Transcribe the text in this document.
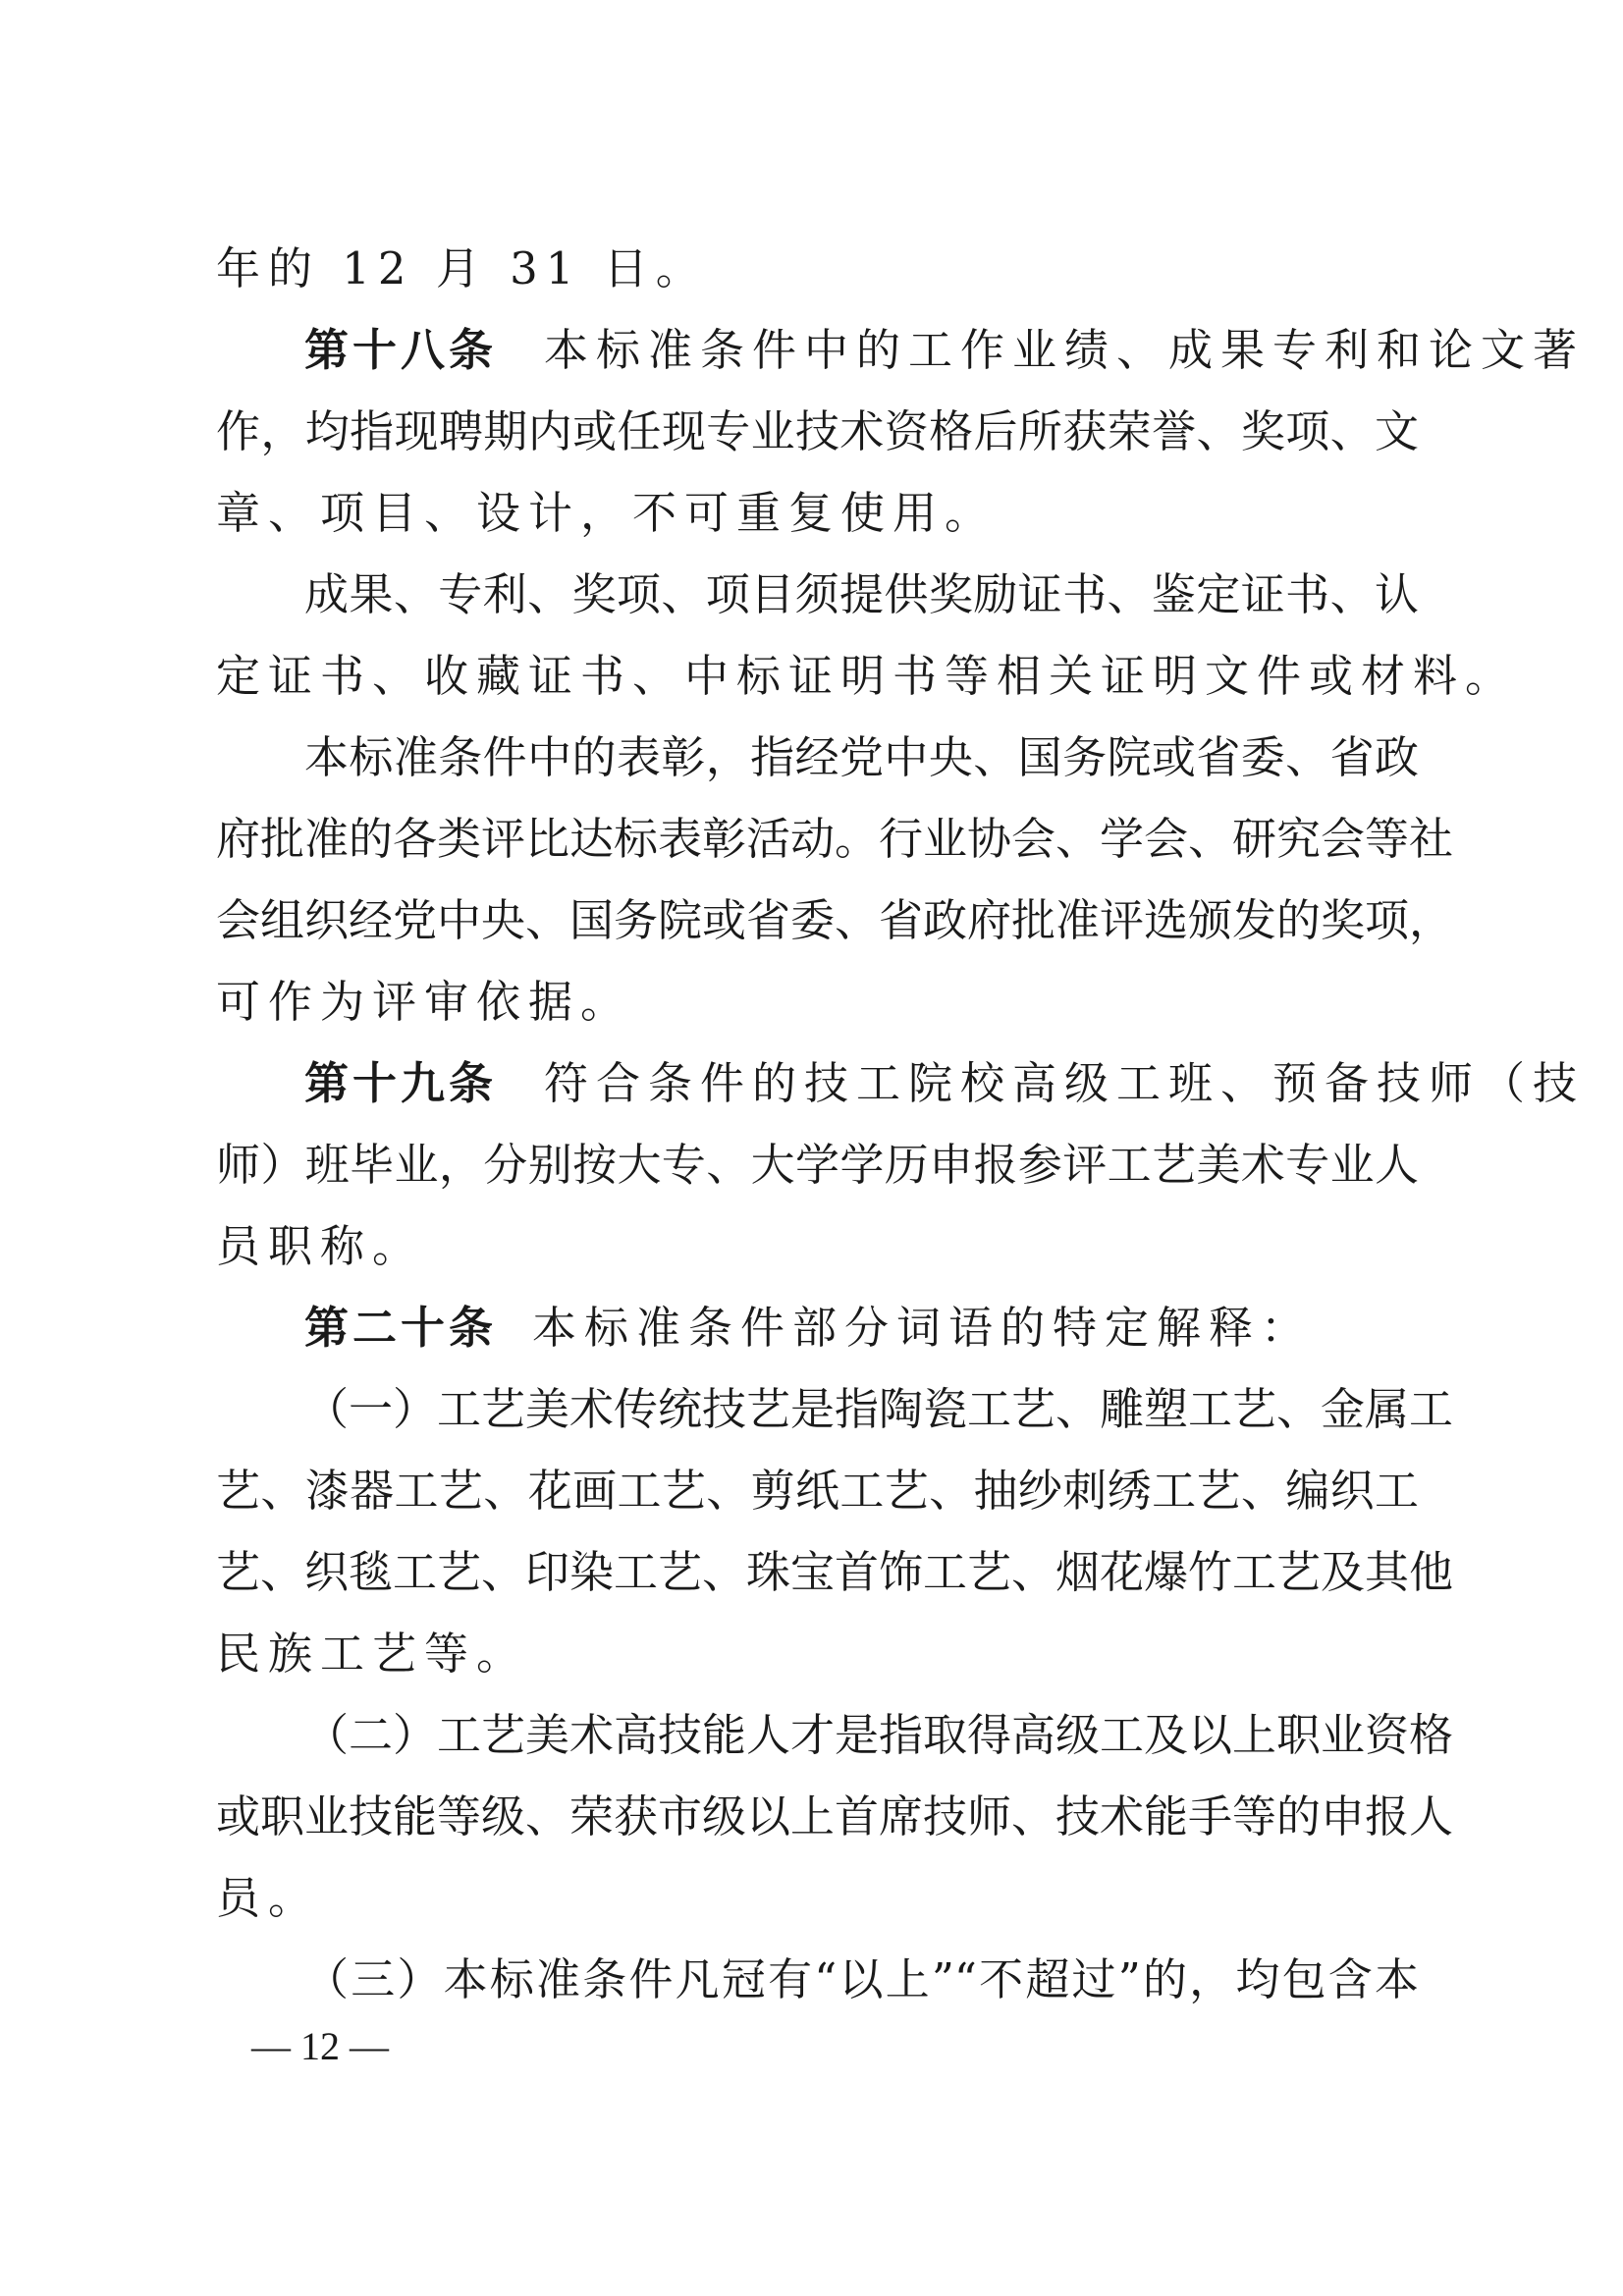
年的 12 月 31 日。
第十八条 本标准条件中的工作业绩、成果专利和论文著
作，均指现聘期内或任现专业技术资格后所获荣誉、奖项、文
章、项目、设计，不可重复使用。
成果、专利、奖项、项目须提供奖励证书、鉴定证书、认
定证书、收藏证书、中标证明书等相关证明文件或材料。
本标准条件中的表彰，指经党中央、国务院或省委、省政
府批准的各类评比达标表彰活动。行业协会、学会、研究会等社
会组织经党中央、国务院或省委、省政府批准评选颁发的奖项，
可作为评审依据。
第十九条 符合条件的技工院校高级工班、预备技师（技
师）班毕业，分别按大专、大学学历申报参评工艺美术专业人
员职称。
第二十条 本标准条件部分词语的特定解释：
（一）工艺美术传统技艺是指陶瓷工艺、雕塑工艺、金属工
艺、漆器工艺、花画工艺、剪纸工艺、抽纱刺绣工艺、编织工
艺、织毯工艺、印染工艺、珠宝首饰工艺、烟花爆竹工艺及其他
民族工艺等。
（二）工艺美术高技能人才是指取得高级工及以上职业资格
或职业技能等级、荣获市级以上首席技师、技术能手等的申报人
员。
（三）本标准条件凡冠有“以上”“不超过”的，均包含本
— 12 —
